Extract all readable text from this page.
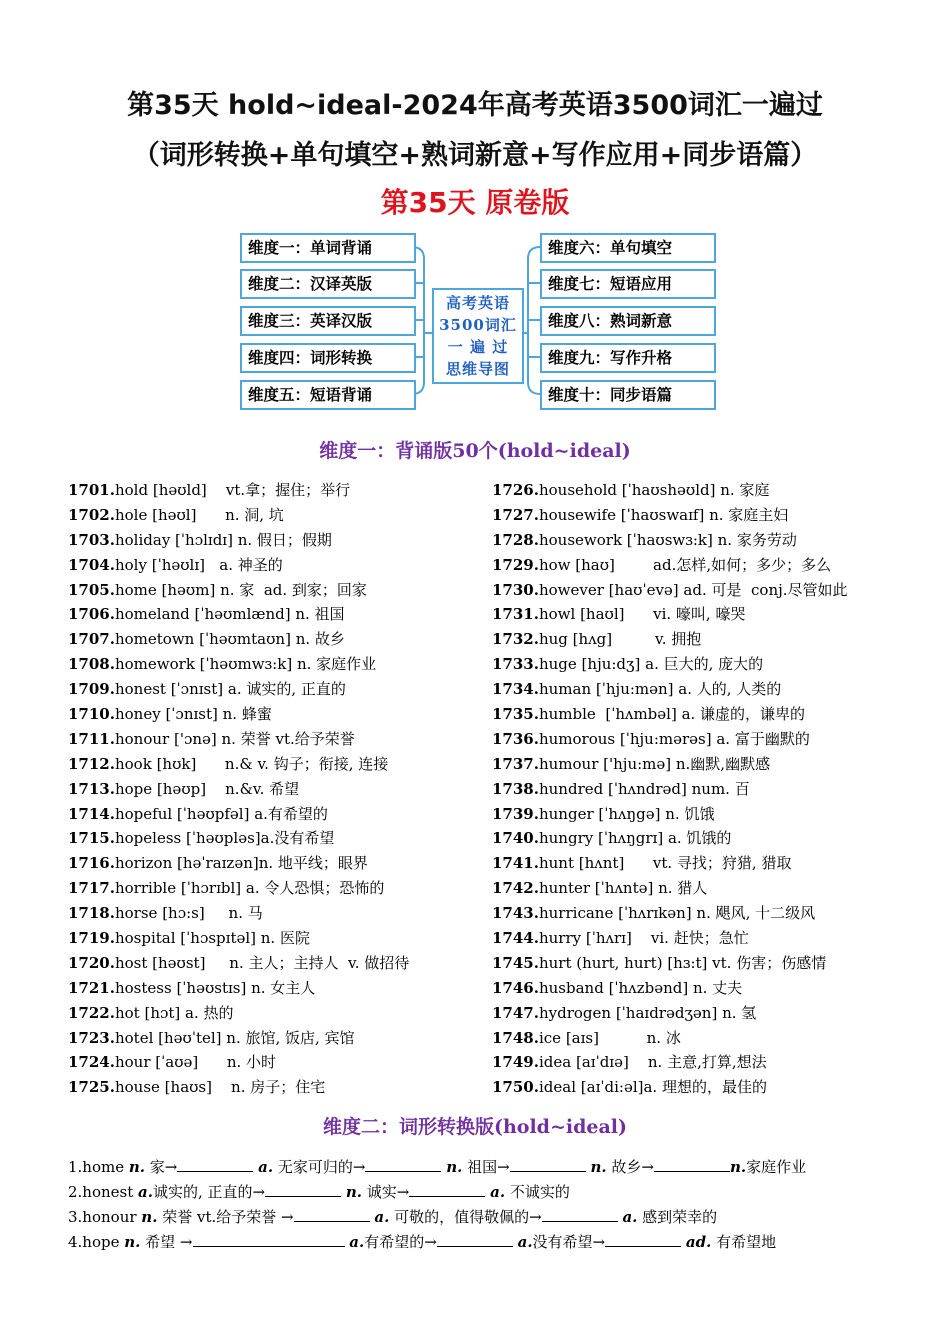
第35天 hold~ideal-2024年高考英语3500词汇一遍过
（词形转换+单句填空+熟词新意+写作应用+同步语篇）
第35天 原卷版
维度一：单词背诵
维度二：汉译英版
维度三：英译汉版
维度四：词形转换
维度五：短语背诵
高考英语
3500词汇
一 遍 过
思维导图
维度六：单句填空
维度七：短语应用
维度八：熟词新意
维度九：写作升格
维度十：同步语篇
维度一：背诵版50个(hold~ideal)
1701.hold [həʊld]    vt.拿；握住；举行
1702.hole [həʊl]      n. 洞, 坑
1703.holiday [ˈhɔlɪdɪ] n. 假日；假期
1704.holy [ˈhəʊlɪ]   a. 神圣的
1705.home [həʊm] n. 家  ad. 到家；回家
1706.homeland [ˈhəʊmlænd] n. 祖国
1707.hometown [ˈhəʊmtaʊn] n. 故乡
1708.homework [ˈhəʊmwɜ:k] n. 家庭作业
1709.honest [ˈɔnɪst] a. 诚实的, 正直的
1710.honey [ˈɔnɪst] n. 蜂蜜
1711.honour ['ɔnə] n. 荣誉 vt.给予荣誉
1712.hook [hʊk]      n.& v. 钩子；衔接, 连接
1713.hope [həʊp]    n.&v. 希望
1714.hopeful [ˈhəʊpfəl] a.有希望的
1715.hopeless [ˈhəʊpləs]a.没有希望
1716.horizon [həˈraɪzən]n. 地平线；眼界
1717.horrible [ˈhɔrɪbl] a. 令人恐惧；恐怖的
1718.horse [hɔ:s]     n. 马
1719.hospital [ˈhɔspɪtəl] n. 医院
1720.host [həʊst]     n. 主人；主持人  v. 做招待
1721.hostess [ˈhəʊstɪs] n. 女主人
1722.hot [hɔt] a. 热的
1723.hotel [həʊˈtel] n. 旅馆, 饭店, 宾馆
1724.hour [ˈaʊə]      n. 小时
1725.house [haʊs]    n. 房子；住宅
1726.household [ˈhaʊshəʊld] n. 家庭
1727.housewife [ˈhaʊswaɪf] n. 家庭主妇
1728.housework [ˈhaʊswɜ:k] n. 家务劳动
1729.how [haʊ]        ad.怎样,如何；多少；多么
1730.however [haʊˈevə] ad. 可是  conj.尽管如此
1731.howl [haʊl]      vi. 嚎叫, 嚎哭
1732.hug [hʌg]         v. 拥抱
1733.huge [hju:dʒ] a. 巨大的, 庞大的
1734.human [ˈhju:mən] a. 人的, 人类的
1735.humble  [ˈhʌmbəl] a. 谦虚的，谦卑的
1736.humorous [ˈhju:mərəs] a. 富于幽默的
1737.humour ['hju:mə] n.幽默,幽默感
1738.hundred [ˈhʌndrəd] num. 百
1739.hunger [ˈhʌŋgə] n. 饥饿
1740.hungry [ˈhʌŋgrɪ] a. 饥饿的
1741.hunt [hʌnt]      vt. 寻找；狩猎, 猎取
1742.hunter [ˈhʌntə] n. 猎人
1743.hurricane [ˈhʌrɪkən] n. 飓风, 十二级风
1744.hurry [ˈhʌrɪ]    vi. 赶快；急忙
1745.hurt (hurt, hurt) [hɜ:t] vt. 伤害；伤感情
1746.husband [ˈhʌzbənd] n. 丈夫
1747.hydrogen [ˈhaɪdrədʒən] n. 氢
1748.ice [aɪs]          n. 冰
1749.idea [aɪˈdɪə]    n. 主意,打算,想法
1750.ideal [aɪˈdi:əl]a. 理想的，最佳的
维度二：词形转换版(hold~ideal)
1.home n. 家→	a. 无家可归的→	n. 祖国→	n. 故乡→	n.家庭作业
2.honest a.诚实的, 正直的→	n. 诚实→	a. 不诚实的
3.honour n. 荣誉 vt.给予荣誉 →	a. 可敬的，值得敬佩的→	a. 感到荣幸的
4.hope n. 希望 →	a.有希望的→	a.没有希望→	ad. 有希望地
